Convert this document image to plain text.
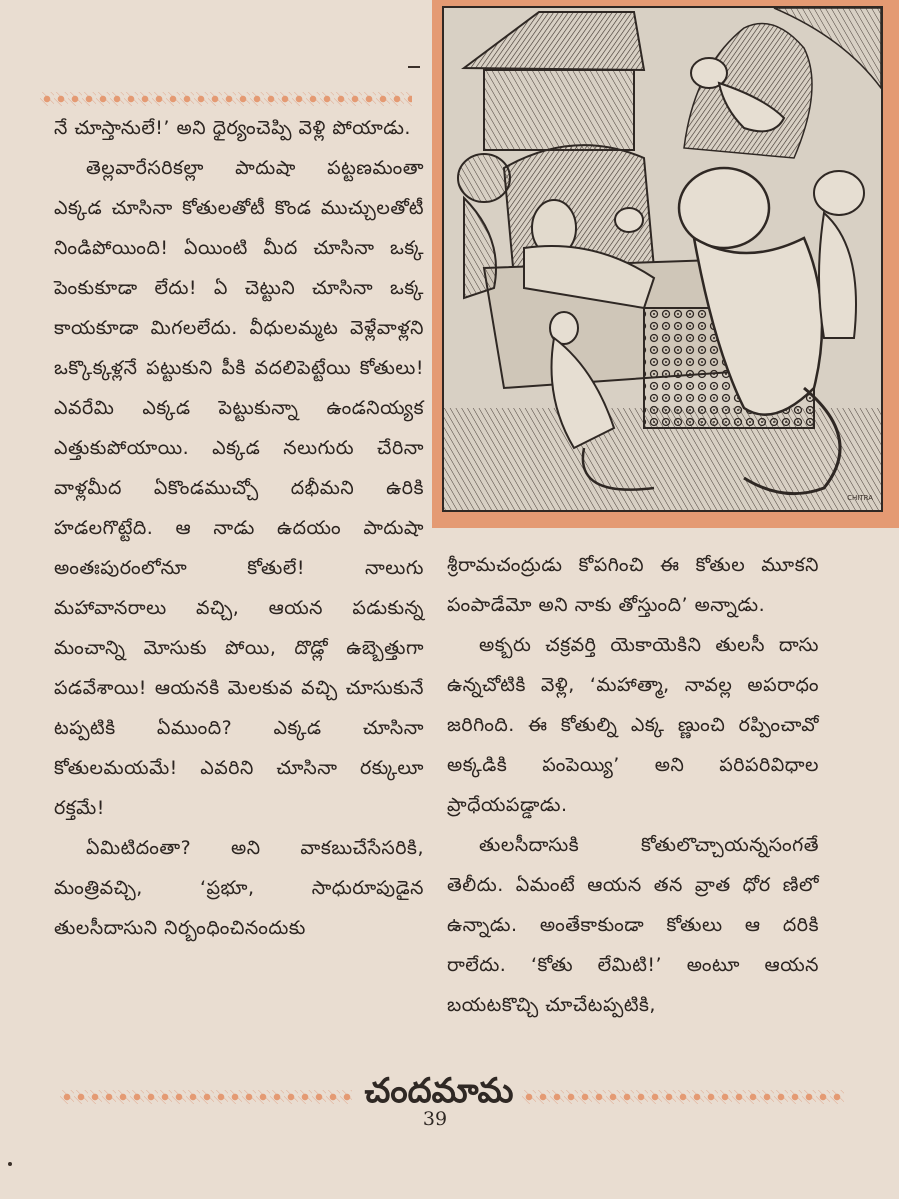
CHITRA

నే చూస్తానులే!’ అని ధైర్యంచెప్పి వెళ్లి పోయాడు.

తెల్లవారేసరికల్లా పాదుషా పట్టణమంతా ఎక్కడ చూసినా కోతులతోటీ కొండ ముచ్చులతోటీ నిండిపోయింది! ఏయింటి మీద చూసినా ఒక్క పెంకుకూడా లేదు! ఏ చెట్టుని చూసినా ఒక్క కాయకూడా మిగలలేదు. వీధులమ్మట వెళ్లేవాళ్లని ఒక్కొక్కళ్లనే పట్టుకుని పీకి వదలిపెట్టేయి కోతులు! ఎవరేమి ఎక్కడ పెట్టుకున్నా ఉండనియ్యక ఎత్తుకుపోయాయి. ఎక్కడ నలుగురు చేరినా వాళ్లమీద ఏకొండముచ్చో దభీమని ఉరికి హడలగొట్టేది. ఆ నాడు ఉదయం పాదుషా అంతఃపురంలోనూ కోతులే! నాలుగు మహావానరాలు వచ్చి, ఆయన పడుకున్న మంచాన్ని మోసుకు పోయి, దొడ్లో ఉబ్బెత్తుగా పడవేశాయి! ఆయనకి మెలకువ వచ్చి చూసుకునే టప్పటికి ఏముంది? ఎక్కడ చూసినా కోతులమయమే! ఎవరిని చూసినా రక్కులూ రక్తమే!

ఏమిటిదంతా? అని వాకబుచేసేసరికి, మంత్రివచ్చి, ‘ప్రభూ, సాధురూపుడైన తులసీదాసుని నిర్బంధించినందుకు

శ్రీరామచంద్రుడు కోపగించి ఈ కోతుల మూకని పంపాడేమో అని నాకు తోస్తుంది’ అన్నాడు.

అక్బరు చక్రవర్తి యెకాయెకిని తులసీ దాసు ఉన్నచోటికి వెళ్లి, ‘మహాత్మా, నావల్ల అపరాధం జరిగింది. ఈ కోతుల్ని ఎక్క ణ్ణుంచి రప్పించావో అక్కడికి పంపెయ్యి’ అని పరిపరివిధాల ప్రాధేయపడ్డాడు.

తులసీదాసుకి కోతులొచ్చాయన్నసంగతే తెలీదు. ఏమంటే ఆయన తన వ్రాత ధోర ణిలో ఉన్నాడు. అంతేకాకుండా కోతులు ఆ దరికి రాలేదు. ‘కోతు లేమిటి!’ అంటూ ఆయన బయటకొచ్చి చూచేటప్పటికి,

చందమామ
39
